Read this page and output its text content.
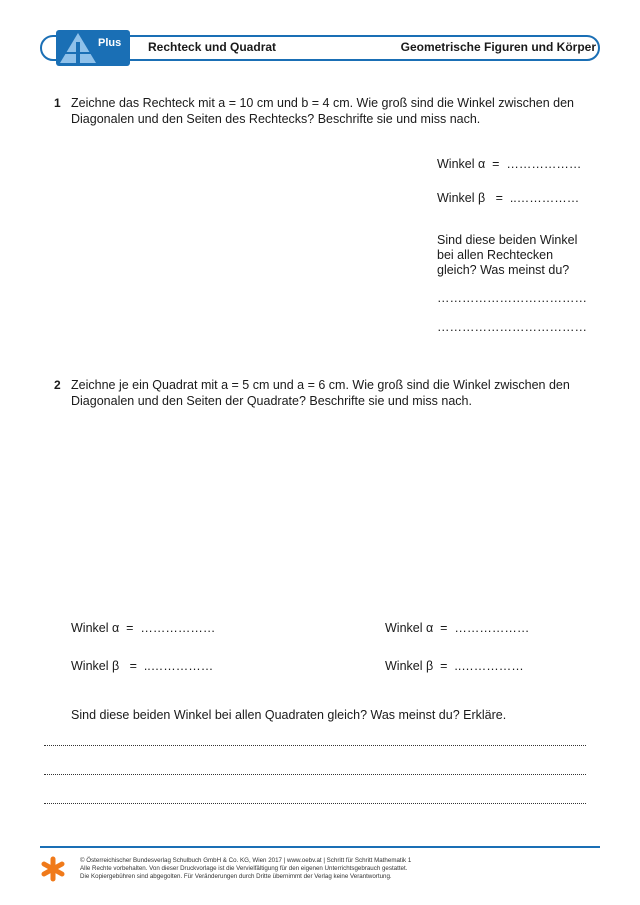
Plus Rechteck und Quadrat	Geometrische Figuren und Körper
1 Zeichne das Rechteck mit a = 10 cm und b = 4 cm. Wie groß sind die Winkel zwischen den
Diagonalen und den Seiten des Rechtecks? Beschrifte sie und miss nach.
Winkel α  =  ………………
Winkel β   =  ..……………
Sind diese beiden Winkel
bei allen Rechtecken
gleich? Was meinst du?
………………………………
………………………………
2 Zeichne je ein Quadrat mit a = 5 cm und a = 6 cm. Wie groß sind die Winkel zwischen den
Diagonalen und den Seiten der Quadrate? Beschrifte sie und miss nach.
Winkel α  =  ………………
Winkel β   =  ..……………
Winkel α  =  ………………
Winkel β  =  ..……………
Sind diese beiden Winkel bei allen Quadraten gleich? Was meinst du? Erkläre.
© Österreichischer Bundesverlag Schulbuch GmbH & Co. KG, Wien 2017 | www.oebv.at | Schritt für Schritt Mathematik 1
Alle Rechte vorbehalten. Von dieser Druckvorlage ist die Vervielfältigung für den eigenen Unterrichtsgebrauch gestattet.
Die Kopiergebühren sind abgegolten. Für Veränderungen durch Dritte übernimmt der Verlag keine Verantwortung.
